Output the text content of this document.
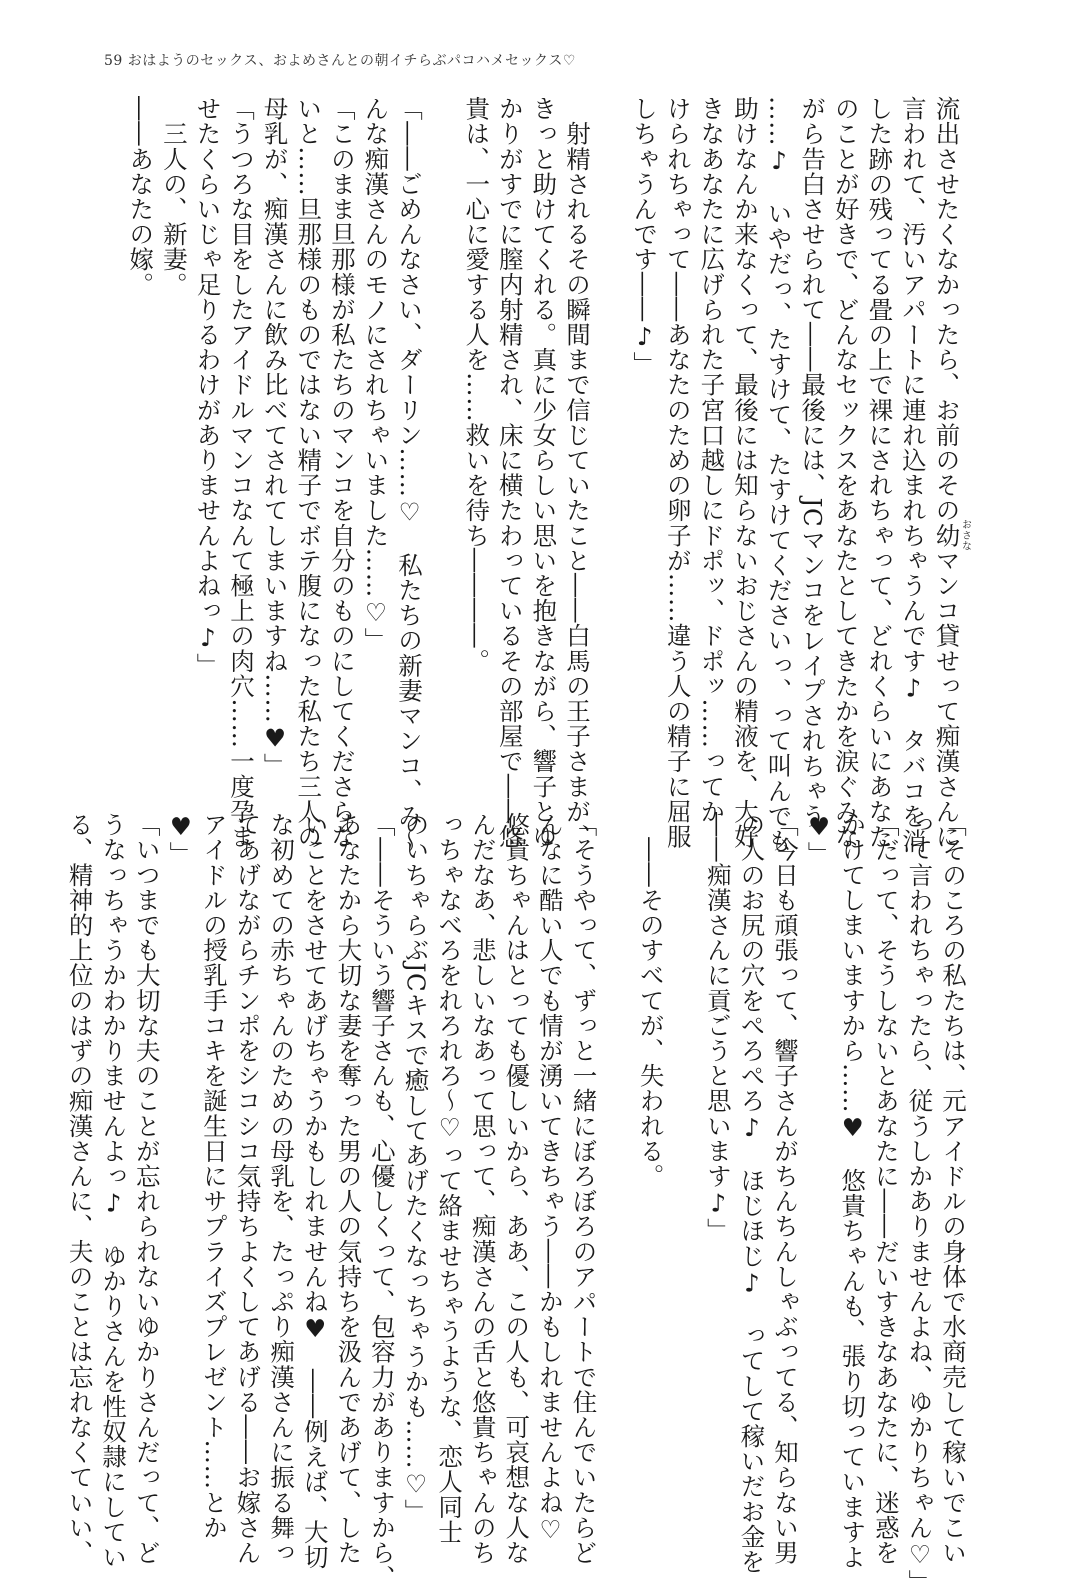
59 おはようのセックス、およめさんとの朝イチらぶパコハメセックス♡

流出させたくなかったら、お前のその幼おさなマンコ貸せって痴漢さんに

言われて、汚いアパートに連れ込まれちゃうんです♪　タバコを消

した跡の残ってる畳の上で裸にされちゃって、どれくらいにあなた

のことが好きで、どんなセックスをあなたとしてきたかを涙ぐみな

がら告白させられて――最後には、JCマンコをレイプされちゃう

……♪　いやだっ、たすけて、たすけてくださいっ、って叫んでも

助けなんか来なくって、最後には知らないおじさんの精液を、大好

きなあなたに広げられた子宮口越しにドポッ、ドポッ……ってか

けられちゃって――あなたのための卵子が……違う人の精子に屈服

しちゃうんです――♪」

　射精されるその瞬間まで信じていたこと――白馬の王子さまが、

きっと助けてくれる。真に少女らしい思いを抱きながら、響子とゆ

かりがすでに膣内射精され、床に横たわっているその部屋で――悠

貴は、一心に愛する人を……救いを待ち――――。

「――ごめんなさい、ダーリン……♡　私たちの新妻マンコ、み～

んな痴漢さんのモノにされちゃいました……♡」

「このまま旦那様が私たちのマンコを自分のものにしてくださらな

いと……旦那様のものではない精子でボテ腹になった私たち三人の

母乳が、痴漢さんに飲み比べてされてしまいますね……♥」

「うつろな目をしたアイドルマンコなんて極上の肉穴……一度孕ま

せたくらいじゃ足りるわけがありませんよねっ♪」

　三人の、新妻。

――あなたの嫁。

「そのころの私たちは、元アイドルの身体で水商売して稼いでこい

って言われちゃったら、従うしかありませんよね、ゆかりちゃん♡」

「だって、そうしないとあなたに――だいすきなあなたに、迷惑を

かけてしまいますから……♥　悠貴ちゃんも、張り切っていますよ

♥」

「今日も頑張って、響子さんがちんちんしゃぶってる、知らない男

の人のお尻の穴をぺろぺろ♪　ほじほじ♪　ってして稼いだお金を

――痴漢さんに貢ごうと思います♪」

　――そのすべてが、失われる。

「そうやって、ずっと一緒にぼろぼろのアパートで住んでいたらど

んなに酷い人でも情が湧いてきちゃう――かもしれませんよね♡

悠貴ちゃんはとっても優しいから、ああ、この人も、可哀想な人な

んだなあ、悲しいなあって思って、痴漢さんの舌と悠貴ちゃんのち

っちゃなべろをれろれろ～♡って絡ませちゃうような、恋人同士

のいちゃらぶJCキスで癒してあげたくなっちゃうかも……♡」

「――そういう響子さんも、心優しくって、包容力がありますから、

あなたから大切な妻を奪った男の人の気持ちを汲んであげて、した

いことをさせてあげちゃうかもしれませんね♥　――例えば、大切

な初めての赤ちゃんのための母乳を、たっぷり痴漢さんに振る舞っ

てあげながらチンポをシコシコ気持ちよくしてあげる――お嫁さん

アイドルの授乳手コキを誕生日にサプライズプレゼント……とか

♥」

「いつまでも大切な夫のことが忘れられないゆかりさんだって、ど

うなっちゃうかわかりませんよっ♪　ゆかりさんを性奴隷にしてい

る、精神的上位のはずの痴漢さんに、夫のことは忘れなくていい、
